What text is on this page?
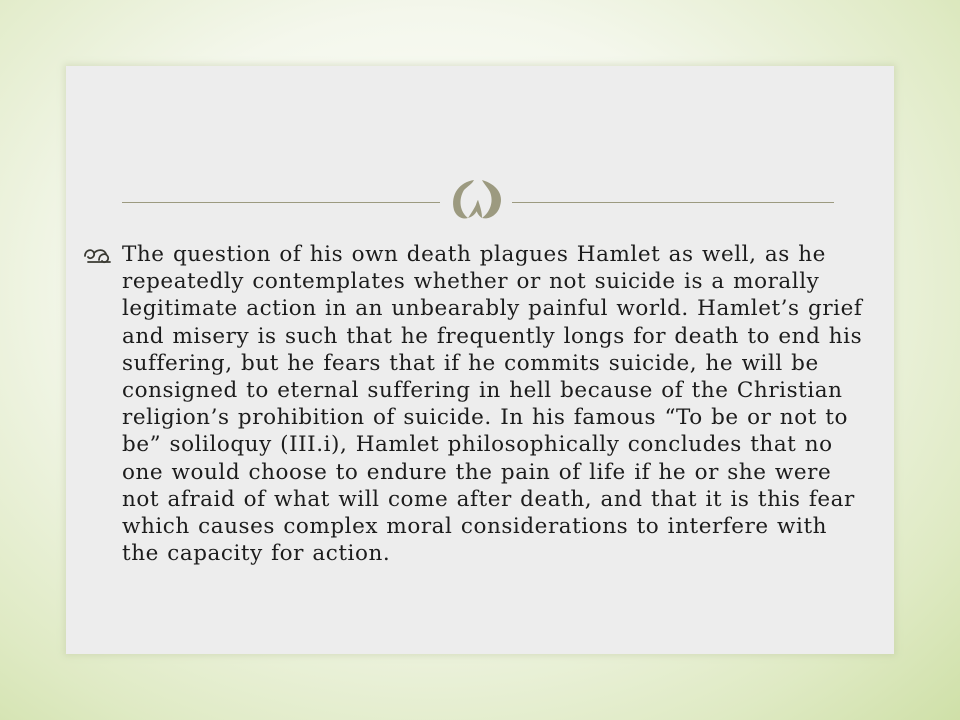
The question of his own death plagues Hamlet as well, as he repeatedly contemplates whether or not suicide is a morally legitimate action in an unbearably painful world. Hamlet’s grief and misery is such that he frequently longs for death to end his suffering, but he fears that if he commits suicide, he will be consigned to eternal suffering in hell because of the Christian religion’s prohibition of suicide. In his famous “To be or not to be” soliloquy (III.i), Hamlet philosophically concludes that no one would choose to endure the pain of life if he or she were not afraid of what will come after death, and that it is this fear which causes complex moral considerations to interfere with the capacity for action.
